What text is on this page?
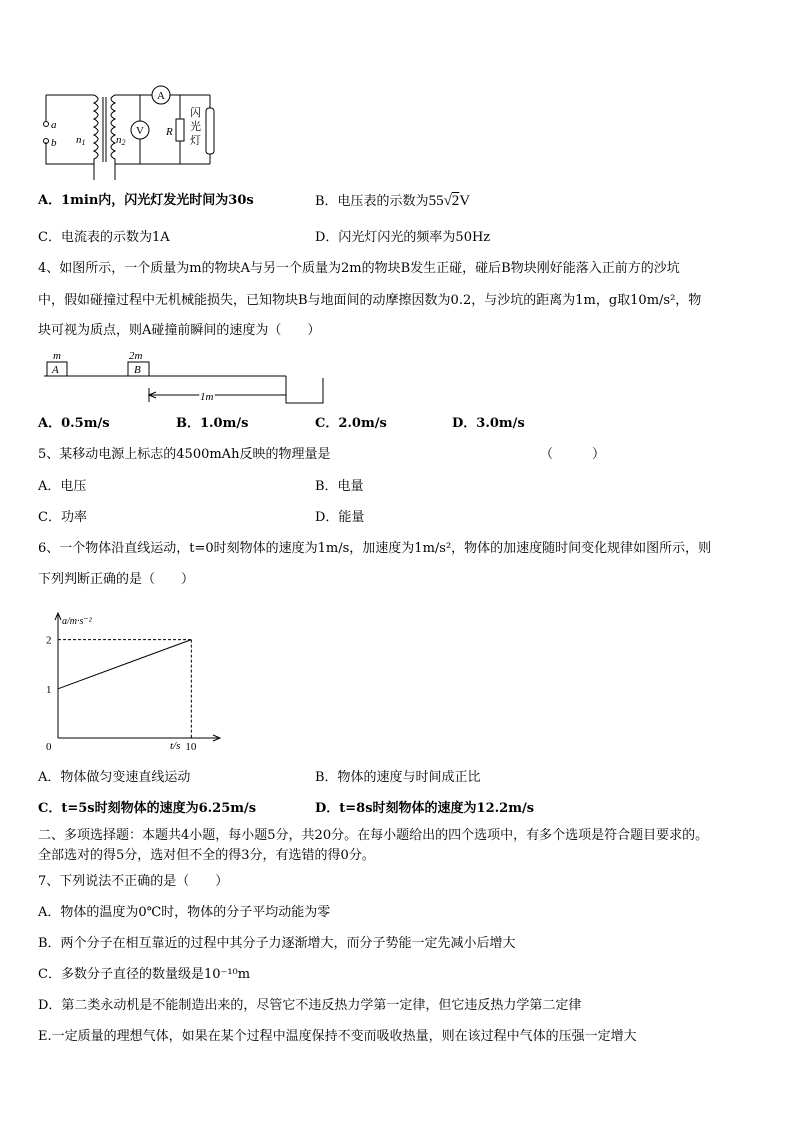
a
b n1	n2
A
V R
闪
光
灯
A．1min内，闪光灯发光时间为30s	B．电压表的示数为55√2V
C．电流表的示数为1A	D．闪光灯闪光的频率为50Hz
4、如图所示，一个质量为m的物块A与另一个质量为2m的物块B发生正碰，碰后B物块刚好能落入正前方的沙坑
中，假如碰撞过程中无机械能损失，已知物块B与地面间的动摩擦因数为0.2，与沙坑的距离为1m，g取10m/s²，物
块可视为质点，则A碰撞前瞬间的速度为（　　）
m
A
2m
B
1m
A．0.5m/s	B．1.0m/s	C．2.0m/s	D．3.0m/s
5、某移动电源上标志的4500mAh反映的物理量是	（　　　）
A．电压	B．电量
C．功率	D．能量
6、一个物体沿直线运动，t=0时刻物体的速度为1m/s，加速度为1m/s²，物体的加速度随时间变化规律如图所示，则
下列判断正确的是（　　）
0	10
1
2
a/m·s⁻²
t/s
A．物体做匀变速直线运动	B．物体的速度与时间成正比
C．t=5s时刻物体的速度为6.25m/s	D．t=8s时刻物体的速度为12.2m/s
二、多项选择题：本题共4小题，每小题5分，共20分。在每小题给出的四个选项中，有多个选项是符合题目要求的。
全部选对的得5分，选对但不全的得3分，有选错的得0分。
7、下列说法不正确的是（　　）
A．物体的温度为0℃时，物体的分子平均动能为零
B．两个分子在相互靠近的过程中其分子力逐渐增大，而分子势能一定先减小后增大
C．多数分子直径的数量级是10⁻¹⁰m
D．第二类永动机是不能制造出来的，尽管它不违反热力学第一定律，但它违反热力学第二定律
E.一定质量的理想气体，如果在某个过程中温度保持不变而吸收热量，则在该过程中气体的压强一定增大
